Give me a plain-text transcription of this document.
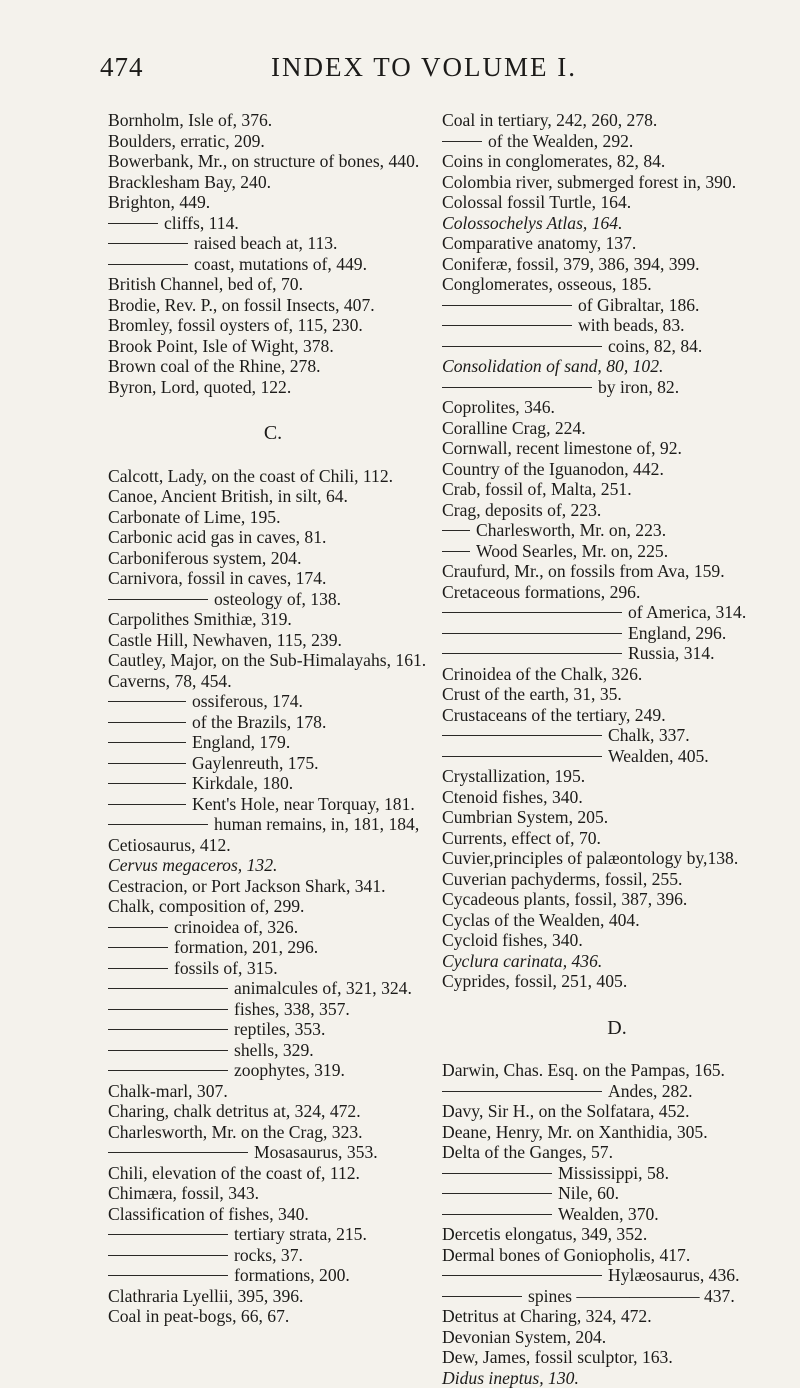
474	INDEX TO VOLUME I.

Bornholm, Isle of, 376.

Boulders, erratic, 209.

Bowerbank, Mr., on structure of bones, 440.

Bracklesham Bay, 240.

Brighton, 449.

cliffs, 114.

raised beach at, 113.

coast, mutations of, 449.

British Channel, bed of, 70.

Brodie, Rev. P., on fossil Insects, 407.

Bromley, fossil oysters of, 115, 230.

Brook Point, Isle of Wight, 378.

Brown coal of the Rhine, 278.

Byron, Lord, quoted, 122.

C.

Calcott, Lady, on the coast of Chili, 112.

Canoe, Ancient British, in silt, 64.

Carbonate of Lime, 195.

Carbonic acid gas in caves, 81.

Carboniferous system, 204.

Carnivora, fossil in caves, 174.

osteology of, 138.

Carpolithes Smithiæ, 319.

Castle Hill, Newhaven, 115, 239.

Cautley, Major, on the Sub-Himalayahs, 161.

Caverns, 78, 454.

ossiferous, 174.

of the Brazils, 178.

England, 179.

Gaylenreuth, 175.

Kirkdale, 180.

Kent's Hole, near Torquay, 181.

human remains, in, 181, 184,

Cetiosaurus, 412.

Cervus megaceros, 132.

Cestracion, or Port Jackson Shark, 341.

Chalk, composition of, 299.

crinoidea of, 326.

formation, 201, 296.

fossils of, 315.

animalcules of, 321, 324.

fishes, 338, 357.

reptiles, 353.

shells, 329.

zoophytes, 319.

Chalk-marl, 307.

Charing, chalk detritus at, 324, 472.

Charlesworth, Mr. on the Crag, 323.

Mosasaurus, 353.

Chili, elevation of the coast of, 112.

Chimæra, fossil, 343.

Classification of fishes, 340.

tertiary strata, 215.

rocks, 37.

formations, 200.

Clathraria Lyellii, 395, 396.

Coal in peat-bogs, 66, 67.

Coal in tertiary, 242, 260, 278.

of the Wealden, 292.

Coins in conglomerates, 82, 84.

Colombia river, submerged forest in, 390.

Colossal fossil Turtle, 164.

Colossochelys Atlas, 164.

Comparative anatomy, 137.

Coniferæ, fossil, 379, 386, 394, 399.

Conglomerates, osseous, 185.

of Gibraltar, 186.

with beads, 83.

coins, 82, 84.

Consolidation of sand, 80, 102.

by iron, 82.

Coprolites, 346.

Coralline Crag, 224.

Cornwall, recent limestone of, 92.

Country of the Iguanodon, 442.

Crab, fossil of, Malta, 251.

Crag, deposits of, 223.

Charlesworth, Mr. on, 223.

Wood Searles, Mr. on, 225.

Craufurd, Mr., on fossils from Ava, 159.

Cretaceous formations, 296.

of America, 314.

England, 296.

Russia, 314.

Crinoidea of the Chalk, 326.

Crust of the earth, 31, 35.

Crustaceans of the tertiary, 249.

Chalk, 337.

Wealden, 405.

Crystallization, 195.

Ctenoid fishes, 340.

Cumbrian System, 205.

Currents, effect of, 70.

Cuvier,principles of palæontology by,138.

Cuverian pachyderms, fossil, 255.

Cycadeous plants, fossil, 387, 396.

Cyclas of the Wealden, 404.

Cycloid fishes, 340.

Cyclura carinata, 436.

Cyprides, fossil, 251, 405.

D.

Darwin, Chas. Esq. on the Pampas, 165.

Andes, 282.

Davy, Sir H., on the Solfatara, 452.

Deane, Henry, Mr. on Xanthidia, 305.

Delta of the Ganges, 57.

Mississippi, 58.

Nile, 60.

Wealden, 370.

Dercetis elongatus, 349, 352.

Dermal bones of Goniopholis, 417.

Hylæosaurus, 436.

spines ——————— 437.

Detritus at Charing, 324, 472.

Devonian System, 204.

Dew, James, fossil sculptor, 163.

Didus ineptus, 130.
